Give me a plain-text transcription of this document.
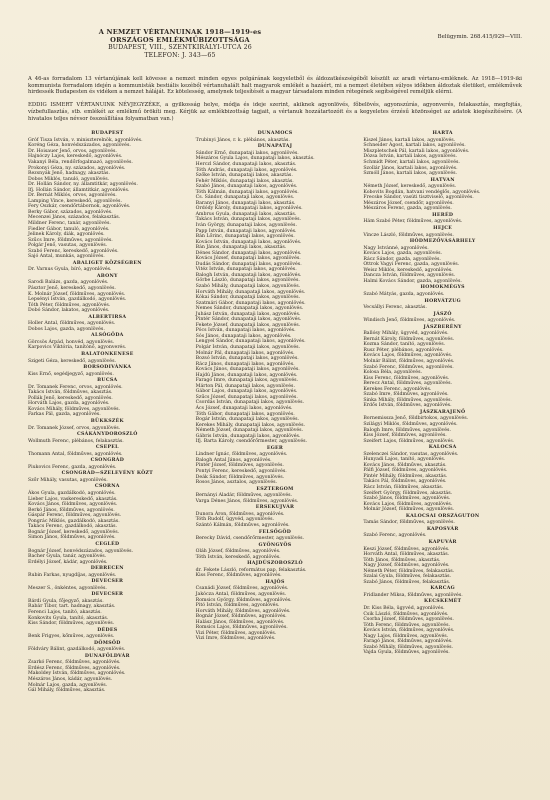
A NEMZET VÉRTANUINAK 1918—1919-es
ORSZÁGOS EMLÉKMŰBIZOTTSÁGA
BUDAPEST, VIII., SZENTKIRÁLYI-UTCA 26
TELEFON: J. 343—65
Belügymin. 268.415/929—VIII.
A 46-as forradalom 13 vértanújának kell kövesse a nemzet minden egyes polgárának kegyeletből és áldozatkészségéből készült az aradi vértanu-emléknek. Az 1918—1919-iki kommunista forradalom idején a kommunisták bestiális kezéből vértanuhalált halt magyarok emlékét a hazáért, mi a nemzet életében súlyos időkben áldoztak életüket, emlékművek hirdessék Budapesten és vidéken a nemzet háláját. Ez kötelesség, amelynek teljesítését a magyar társadalom minden rétegének segítségével reméljük elérni.
EDDIG ISMERT VÉRTANUINK NÉVJEGYZÉKE, a gyilkosság helye, módja és ideje szerint, akiknek agyonlövés, főbelövés, agyonszúrás, agyonverés, felakasztás, megfojtás, vízbefullasztás, stb. emlékét az emlékmű örökíti meg. Kérjük az emlékbizottság tagjait, a vértanuk hozzátartozóit és a kegyeletes érzésű közönséget az adatok kiegészítésére. (A hivatalos teljes névsor összeállítása folyamatban van.)
BUDAPEST
Gróf Tisza István, v. miniszterelnök, agyonlövés.
Koréng Géza, honvédszázados, agyonlövés.
Dr. Hoisauer Jenő, orvos, agyonlövés.
Hajnóczy Lajos, kereskedő, agyonlövés.
Vakanyi Béla, rendőrfogalmazó, agyonlövés.
Prokonyi Géza, ny. százados, agyonlövés.
Rezsnyák Jenő, hadnagy, akasztás.
Dobos Miklós, tanuló, agyonlövés.
Dr. Hollán Sándor, ny. államtitkár, agyonlövés.
Ifj. Hollán Sándor, államtitkár, agyonlövés.
Dr. Bernát Miklós, orvos, agyonlövés.
Lamping Vince, kereskedő, agyonlövés.
Fery Oszkár, csendőrtábornok, agyonlövés.
Berky Gábor, százados, agyonlövés.
Mecenzei János, százados, felakasztás.
Mildner Ferenc, tanár, agyonlövés.
Fiedler Gábor, tanuló, agyonlövés.
Jelinek Károly, diák, agyonlövés.
Szűcs Imre, földműves, agyonlövés.
Polgár Jenő, vasutas, agyonlövés.
Szabó Ferenc, kereskedő, agyonlövés.
Sajó Antal, munkás, agyonlövés.
ABALIGET KÖZSÉGBEN
Dr. Varnus Gyula, bíró, agyonlövés.
ABONY
Sarodi Balázs, gazda, agyonlövés.
Pásztor Jenő, kereskedő, agyonlövés.
K. Molnár József, földműves, agyonlövés.
Lepsényi István, gazdálkodó, agyonlövés.
Tóth Péter, földműves, agyonlövés.
Dobó Sándor, lakatos, agyonlövés.
ALBERTIRSA
Holler Antal, földműves, agyonlövés.
Dobos Lajos, gazda, agyonlövés.
ALSÓGÖDA
Görcsös Árpád, honvéd, agyonlövés.
Karpovics Viktória, tanítónő, agyonverés.
BALATONKENESE
Szigeti Géza, kereskedő, agyonlövés.
BORSODIVÁNKA
Kiss Ernő, segédjegyző, agyonlövés.
BUCSA
Dr. Tomanek Ferenc, orvos, agyonlövés.
Takács István, földműves, akasztás.
Pollák Jenő, kereskedő, agyonlövés.
Horváth Lajos, gazda, agyonlövés.
Kovács Mihály, földműves, agyonlövés.
Farkas Pál, gazda, agyonlövés.
BÜKKSZÉK
Dr. Tomanek József, orvos, agyonlövés.
CSÁKÁNYDOROSZLÓ
Wollmuth Ferenc, plébános, felakasztás.
CSEPEL
Thomann Antal, földműves, agyonlövés.
CSONGRÁD
Piukovics Ferenc, gazda, agyonlövés.
CSONGRÁD—SZELEVÉNY KÖZT
Szőr Mihály, vasutas, agyonlövés.
CSORNA
Ákos Gyula, gazdálkodó, agyonlövés.
Lieber Lajos, vaskereskedő, akasztás.
Kovács János, földműves, agyonlövés.
Berkó János, földműves, agyonlövés.
Gáspár Ferenc, földműves, agyonlövés.
Pongrác Miklós, gazdálkodó, akasztás.
Takács Ferenc, gazdálkodó, akasztás.
Bognár József, kereskedő, agyonlövés.
Simon János, földműves, agyonlövés.
CEGLÉD
Bognár József, honvédszázados, agyonlövés.
Bacher Gyula, tanár, agyonlövés.
Erdélyi József, kádár, agyonlövés.
DEBRECEN
Rubin Farkas, nyugdíjas, agyonlövés.
DEVECSER
Meszer S., önkéntes, agyonlövés.
DEVECSER
Bárdi Gyula, főjegyző, akasztás.
Rabár Tibor, tart. hadnagy, akasztás.
Ferenci Lajos, tanító, akasztás.
Konkovits Gyula, tanító, akasztás.
Kiss Sándor, földműves, agyonlövés.
DÉDES
Benk Frigyes, kőműves, agyonlövés.
DÖMSÖD
Földváry Bálint, gazdálkodó, agyonlövés.
DUNAFÖLDVÁR
Zsarkó Ferenc, földműves, agyonlövés.
Erdész Ferenc, földműves, agyonlövés.
Makoldey István, földműves, agyonlövés.
Mészáros János, kádár, agyonlövés.
Molnár Lajos, gazda, agyonlövés.
Gál Mihály, földműves, akasztás.
DUNAMOCS
Trubinyi János, r. k. plébános, akasztás.
DUNAPATAJ
Sándor Ernő, dunapataji lakos, agyonlövés.
Mészáros Gyula Lajos, dunapataji lakos, akasztás.
Herczl Sándor, dunapataji lakos, akasztás.
Tóth András, dunapataji lakos, agyonlövés.
Szőke István, dunapataji lakos, akasztás.
Fehér Miklós, dunapataji lakos, akasztás.
Szabó János, dunapataji lakos, agyonlövés.
Tóth Kálmán, dunapataji lakos, agyonlövés.
Cs. Sándor, dunapataji lakos, agyonlövés.
Baranyi János, dunapataji lakos, akasztás.
Ordódy Károly, dunapataji lakos, agyonlövés.
Ambrus Gyula, dunapataji lakos, akasztás.
Takács István, dunapataji lakos, agyonlövés.
Iván György, dunapataji lakos, agyonlövés.
Papp István, dunapataji lakos, agyonlövés.
Bán Lőrinc, dunapataji lakos, agyonlövés.
Kovács István, dunapataji lakos, agyonlövés.
Bán János, dunapataji lakos, akasztás.
Dénes Sándor, dunapataji lakos, agyonlövés.
Kovács József, dunapataji lakos, agyonlövés.
Dudás Sándor, dunapataji lakos, agyonlövés.
Vitéz István, dunapataji lakos, agyonlövés.
Balogh István, dunapataji lakos, agyonlövés.
Görbe László, dunapataji lakos, agyonlövés.
Szabó Mihály, dunapataji lakos, agyonlövés.
Horváth Mihály, dunapataji lakos, agyonlövés.
Kókai Sándor, dunapataji lakos, agyonlövés.
Szatmári Gábor, dunapataji lakos, agyonlövés.
Nemes Sándor, dunapataji lakos, agyonlövés.
Juhász István, dunapataji lakos, agyonlövés.
Pintér Sándor, dunapataji lakos, agyonlövés.
Fekete József, dunapataji lakos, agyonlövés.
Pócs István, dunapataji lakos, agyonlövés.
Sós János, dunapataji lakos, agyonlövés.
Lengyel Sándor, dunapataji lakos, agyonlövés.
Polgár István, dunapataji lakos, agyonlövés.
Molnár Pál, dunapataji lakos, agyonlövés.
Bozsó István, dunapataji lakos, agyonlövés.
Rácz János, dunapataji lakos, agyonlövés.
Kovács János, dunapataji lakos, agyonlövés.
Hajdú János, dunapataji lakos, agyonlövés.
Faragó Imre, dunapataji lakos, agyonlövés.
Márton Pál, dunapataji lakos, agyonlövés.
Gábor Lajos, dunapataji lakos, agyonlövés.
Szűcs József, dunapataji lakos, agyonlövés.
Csordás István, dunapataji lakos, agyonlövés.
Ács József, dunapataji lakos, agyonlövés.
Tóth Gábor, dunapataji lakos, agyonlövés.
Bogár István, dunapataji lakos, agyonlövés.
Kerekes Mihály, dunapataji lakos, agyonlövés.
Németh József, dunapataji lakos, agyonlövés.
Gábris István, dunapataji lakos, agyonlövés.
Ifj. Barta Károly, csendőrőrmester, agyonlövés.
EGER
Lindner Ignác, földműves, agyonlövés.
Balogh Antal János, agyonlövés.
Pintér József, földműves, agyonlövés.
Pontyi Ferenc, kereskedő, agyonlövés.
Deák Sándor, földműves, agyonlövés.
Rosos János, asztalos, agyonlövés.
ESZTERGOM
Bernányi Aladár, földműves, agyonlövés.
Varga Dénes János, földműves, agyonlövés.
ERSEKUJVÁR
Dunora Áron, földműves, agyonlövés.
Tóth Rudolf, ügyvéd, agyonlövés.
Szántó Kálmán, földműves, agyonlövés.
FELSŐGÖD
Berecky Dávid, csendőrőrmester, agyonlövés.
GYÖNGYÖS
Oláh József, földműves, agyonlövés.
Tóth István, kereskedő, agyonlövés.
HAJDÚSZOBOSZLÓ
dr. Fekete László, református pap, felakasztás.
Kiss Ferenc, földműves, agyonlövés.
HAJÓS
Csanádi József, földműves, agyonlövés.
Jakócza Antal, földműves, agyonlövés.
Romsics György, földműves, agyonlövés.
Pitó István, földműves, agyonlövés.
Horváth Mihály, földműves, agyonlövés.
Bognár József, földműves, agyonlövés.
Halász János, földműves, agyonlövés.
Romsics Lajos, földműves, agyonlövés.
Vizi Péter, földműves, agyonlövés.
Vizi Imre, földműves, agyonlövés.
HARTA
Kiszel János, kartali lakos, agyonlövés.
Schneider Ágost, kartali lakos, agyonlövés.
Miszpletschek Pál, kartali lakos, agyonlövés.
Dózsa István, kartali lakos, agyonlövés.
Schmidt Péter, kartali lakos, agyonlövés.
Szollár János, kartali lakos, agyonlövés.
Szmóll János, kartali lakos, agyonlövés.
HATVAN
Németh József, kereskedő, agyonlövés.
Kobovits Bogdán, hatvani vendéglős, agyonlövés.
Frecske Sándor, vasúti tisztviselő, agyonlövés.
Mészáros József, csendőr, agyonlövés.
Mészáros Ferenc, gazda, agyonlövés.
HERÉD
Hám Szabó Péter, földműves, agyonlövés.
HEJCE
Vincze László, földműves, agyonlövés.
HÓDMEZŐVÁSÁRHELY
Nagy Istvánné, agyonlövés.
Kovács Lajos, gazda, agyonlövés.
Rácz Sándor, gazda, agyonlövés.
Ottrok Vagyi Ferenc, gazda, agyonlövés.
Weisz Miklós, kereskedő, agyonlövés.
Dancza István, földműves, agyonlövés.
Halmi Kovács Sándor, gazda, agyonlövés.
HOMOKMÉGYS
Szabó Mátyás, gazda, agyonlövés.
HORVÁTZUG
Vecsállyi Ferenc, akasztás.
JÁSZÓ
Windisch Jenő, földműves, agyonlövés.
JÁSZBERÉNY
Ballósy Mihály, ügyvéd, agyonlövés.
Bernát Károly, földműves, agyonlövés.
Kozma Sándor, tanító, agyonlövés.
Rusz Péter, plébános, agyonlövés.
Kovács Lajos, földműves, agyonlövés.
Molnár Bálint, földműves, agyonlövés.
Szabó Ferenc, földműves, agyonlövés.
Kolosa Béla, agyonlövés.
Kiss Ferenc, földműves, agyonlövés.
Berecz Antal, földműves, agyonlövés.
Kerekes Ferenc, agyonlövés.
Szabó Imre, földműves, agyonlövés.
Sinka Mihály, földműves, agyonlövés.
Erdős István, földműves, agyonlövés.
JÁSZKARAJENŐ
Bornemissza Jenő, földbirtokos, agyonlövés.
Szilágyi Miklós, földműves, agyonlövés.
Balogh Imre, földműves, agyonlövés.
Kiss József, földműves, agyonlövés.
Szeifert Lajos, földműves, agyonlövés.
KALOCSA
Szelenczei Sándor, vasutas, agyonlövés.
Hunyadi Lajos, tanító, agyonlövés.
Kovács János, földműves, akasztás.
Pálfi József, földműves, agyonlövés.
Pintér Mihály, földműves, akasztás.
Takács Pál, földműves, agyonlövés.
Rácz István, földműves, akasztás.
Szeifert György, földműves, akasztás.
Szabó János, földműves, agyonlövés.
Kovács Lajos, földműves, agyonlövés.
Molnár József, földműves, agyonlövés.
KALOCSAI ORSZÁGUTON
Tamás Sándor, földműves, agyonlövés.
KAPOSVÁR
Szabó Ferenc, agyonlövés.
KAPUVÁR
Keszi József, földműves, agyonlövés.
Horváth Antal, földműves, akasztás.
Tóth János, földműves, akasztás.
Nagy József, földműves, agyonlövés.
Németh Péter, földműves, felakasztás.
Szalai Gyula, földműves, felakasztás.
Szabó János, földműves, felakasztás.
KARCAG
Fridlander Miksa, földműves, agyonlövés.
KECSKEMÉT
Dr. Kiss Béla, ügyvéd, agyonlövés.
Csik László, földműves, agyonlövés.
Csorba József, földműves, agyonlövés.
Tóth Ferenc, földműves, agyonlövés.
Kovács István, földműves, agyonlövés.
Nagy Lajos, földműves, agyonlövés.
Faragó János, földműves, agyonlövés.
Szabó Mihály, földműves, agyonlövés.
Vajda Gyula, földműves, agyonlövés.
